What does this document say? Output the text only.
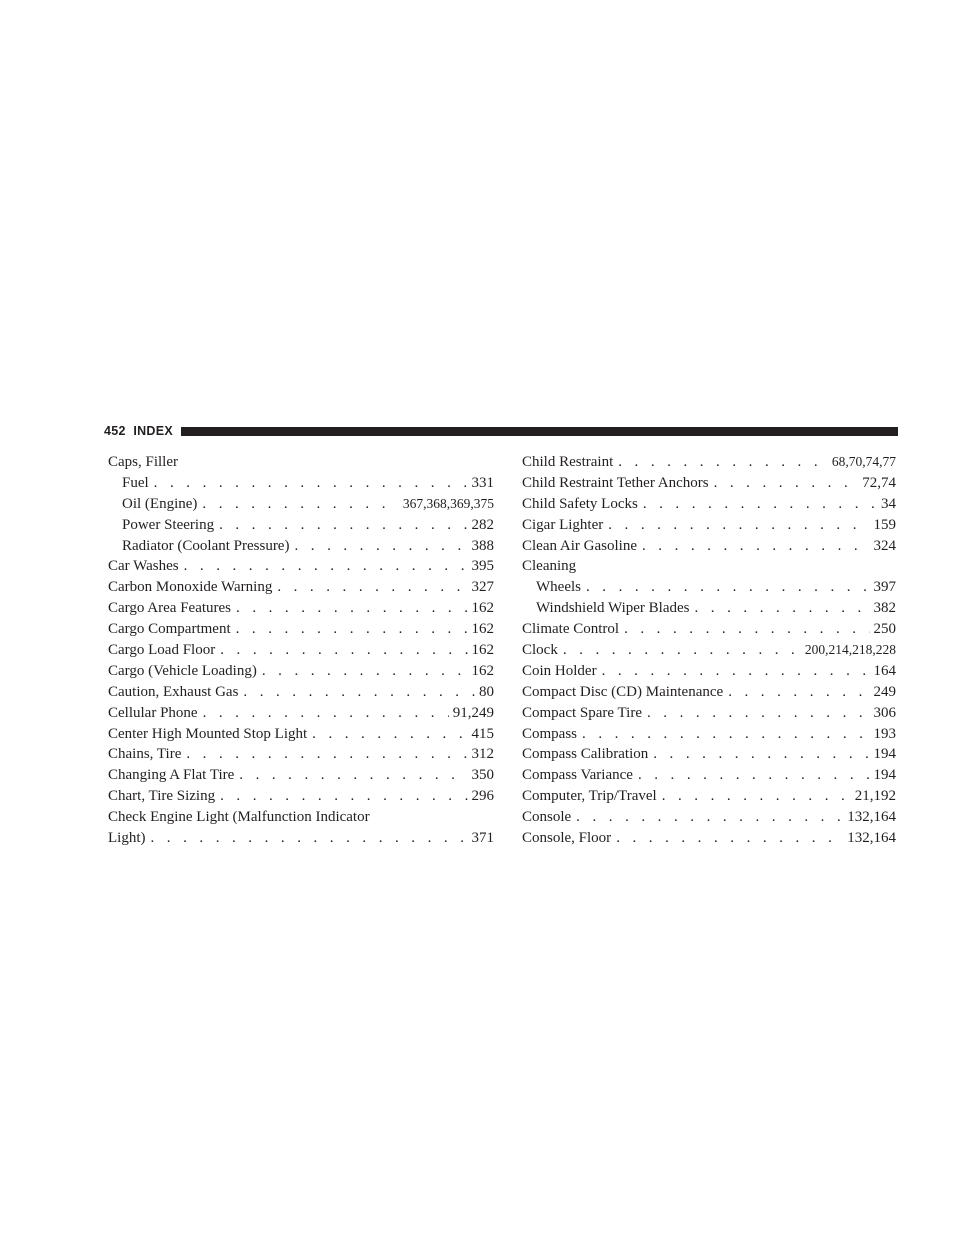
452 INDEX
Caps, Filler
Fuel . . .	331
Oil (Engine) . . .	367,368,369,375
Power Steering . . .	282
Radiator (Coolant Pressure) . . .	388
Car Washes . . .	395
Carbon Monoxide Warning . . .	327
Cargo Area Features . . .	162
Cargo Compartment . . .	162
Cargo Load Floor . . .	162
Cargo (Vehicle Loading) . . .	162
Caution, Exhaust Gas . . .	80
Cellular Phone . . .	91,249
Center High Mounted Stop Light . . .	415
Chains, Tire . . .	312
Changing A Flat Tire . . .	350
Chart, Tire Sizing . . .	296
Check Engine Light (Malfunction Indicator
Light) . . .	371
Child Restraint . . .	68,70,74,77
Child Restraint Tether Anchors . . .	72,74
Child Safety Locks . . .	34
Cigar Lighter . . .	159
Clean Air Gasoline . . .	324
Cleaning
Wheels . . .	397
Windshield Wiper Blades . . .	382
Climate Control . . .	250
Clock . . .	200,214,218,228
Coin Holder . . .	164
Compact Disc (CD) Maintenance . . .	249
Compact Spare Tire . . .	306
Compass . . .	193
Compass Calibration . . .	194
Compass Variance . . .	194
Computer, Trip/Travel . . .	21,192
Console . . .	132,164
Console, Floor . . .	132,164
